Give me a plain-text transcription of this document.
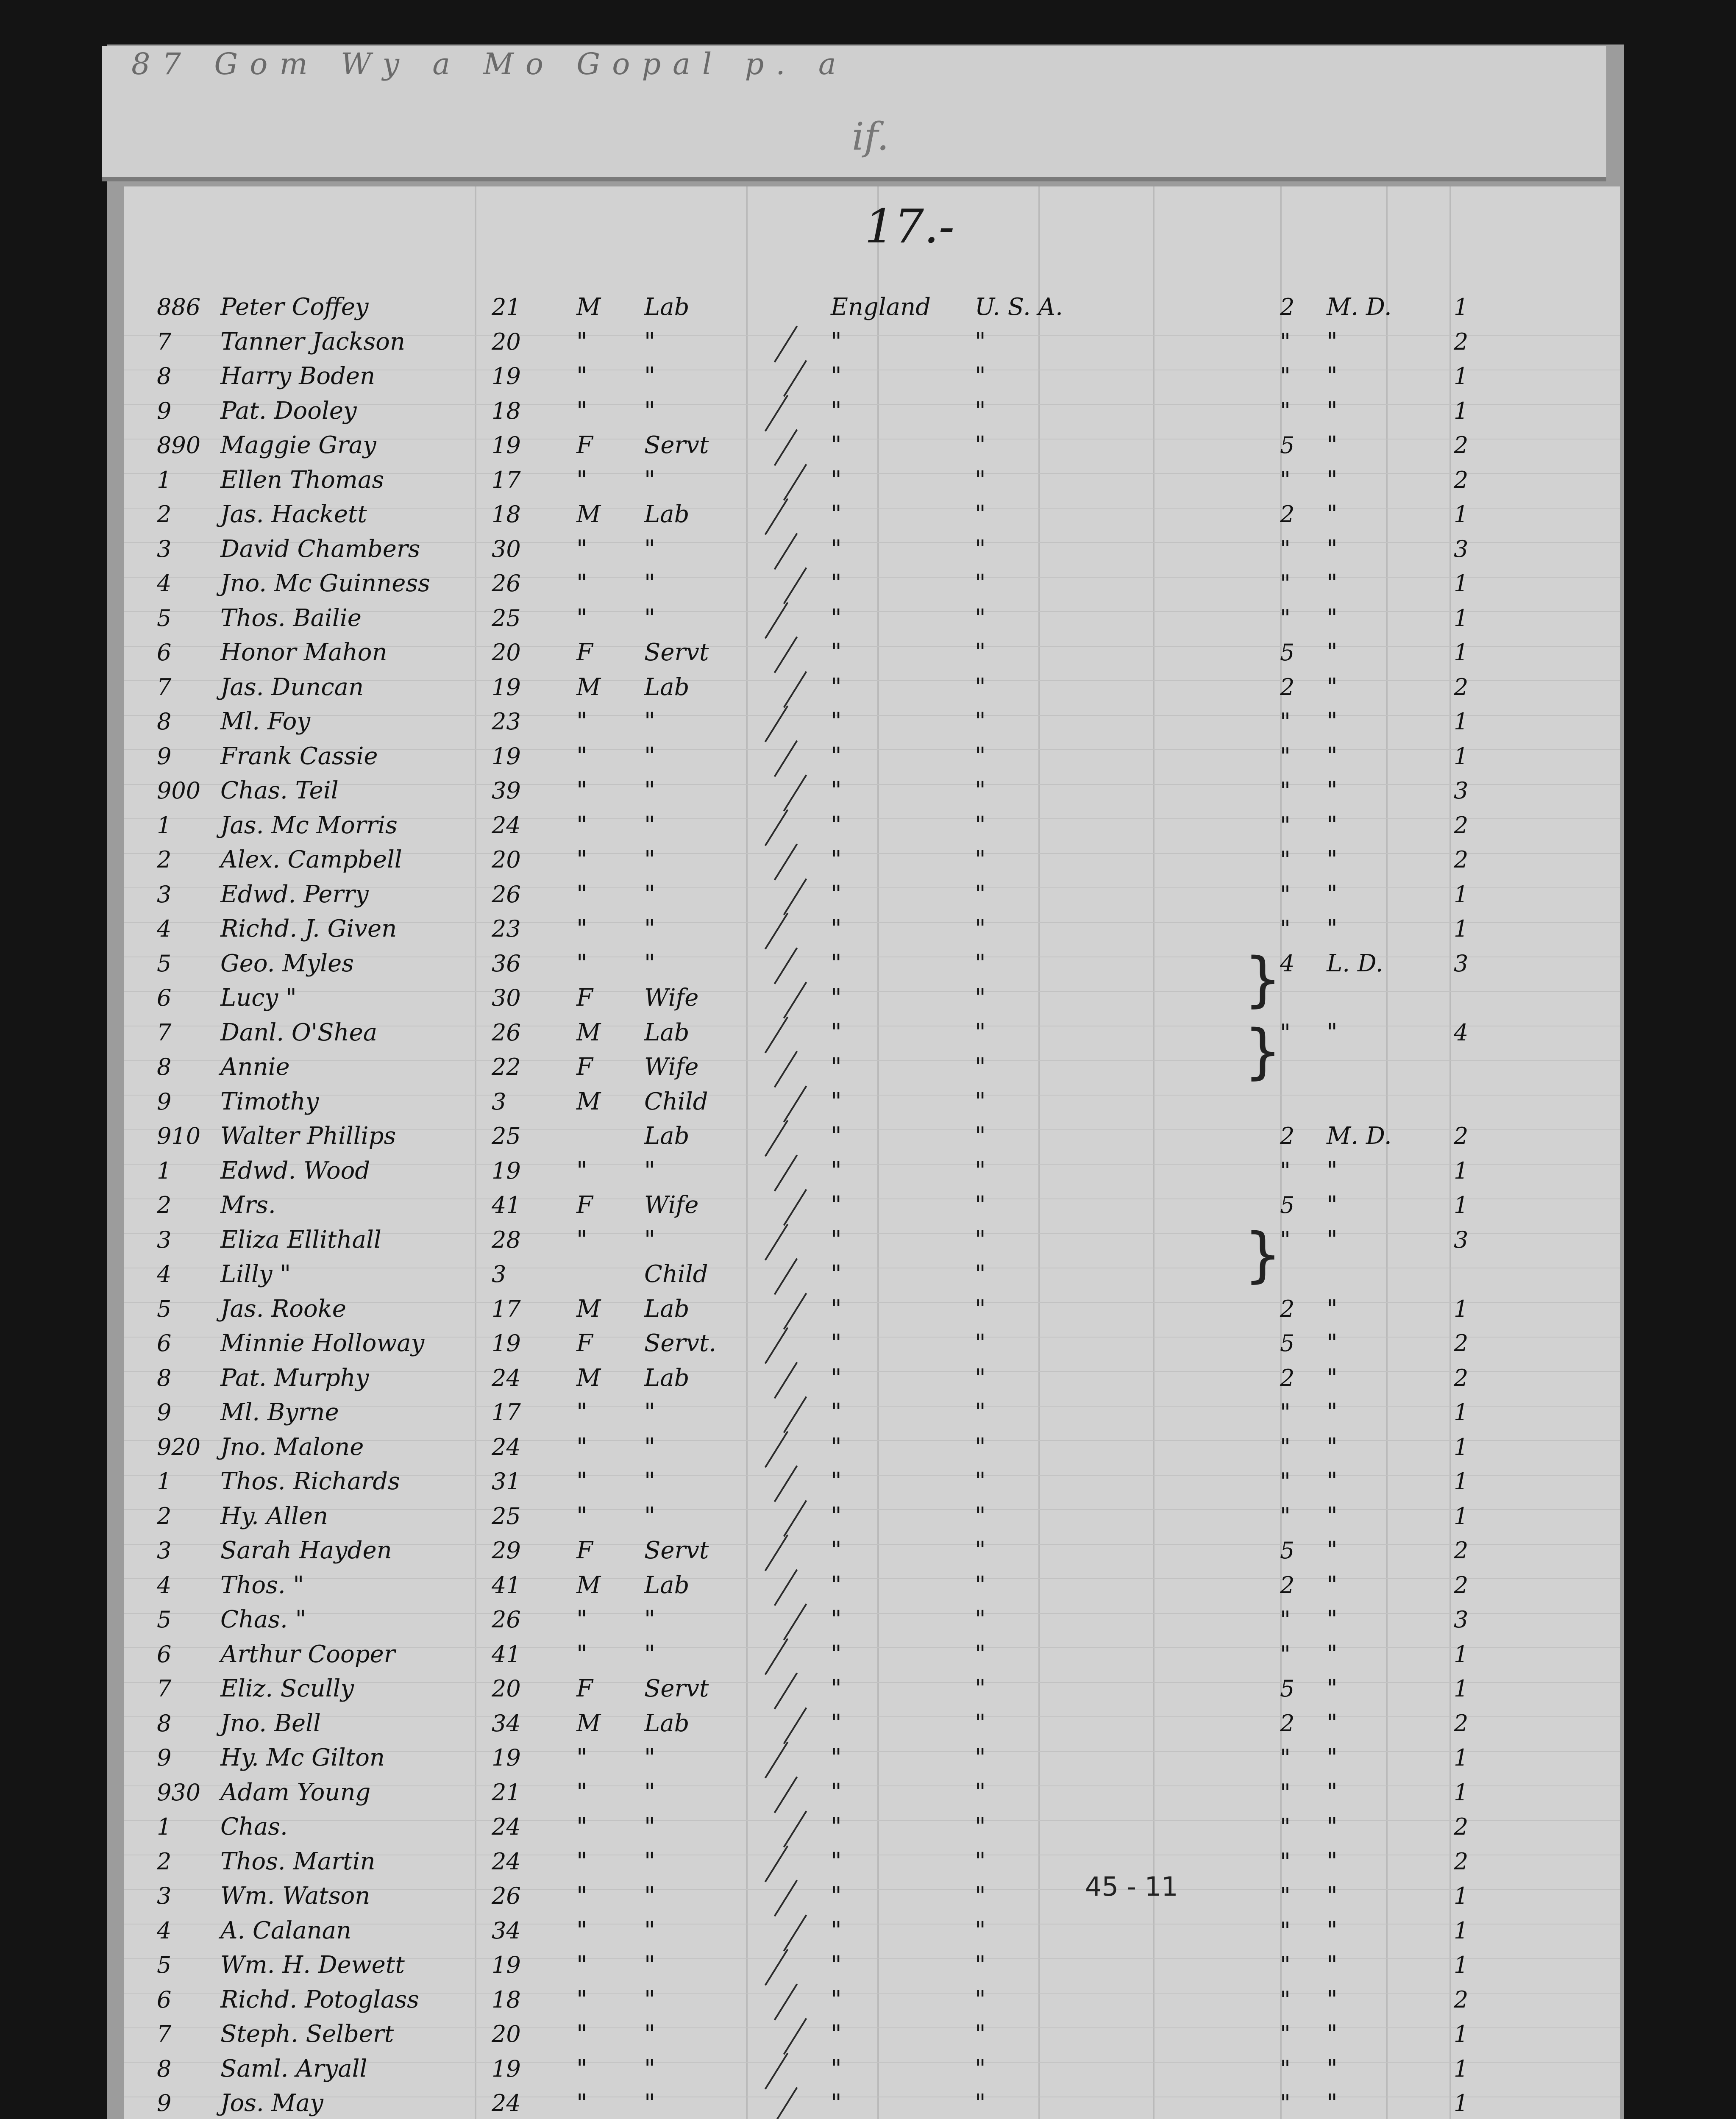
87 Gom Wy a Mo Gopal p. a
if.
17.-
886 Peter Coffey	21 M Lab	England U. S. A.	2 M. D.	1
7 Tanner Jackson	20 " "	"	"	" "	2
8 Harry Boden	19 " "	"	"	" "	1
9 Pat. Dooley	18 " "	"	"	" "	1
890 Maggie Gray	19 F Servt	"	"	5 "	2
1 Ellen Thomas	17 " "	"	"	" "	2
2 Jas. Hackett	18 M Lab	"	"	2 "	1
3 David Chambers	30 " "	"	"	" "	3
4 Jno. Mc Guinness	26 " "	"	"	" "	1
5 Thos. Bailie	25 " "	"	"	" "	1
6 Honor Mahon	20 F Servt	"	"	5 "	1
7 Jas. Duncan	19 M Lab	"	"	2 "	2
8 Ml. Foy	23 " "	"	"	" "	1
9 Frank Cassie	19 " "	"	"	" "	1
900 Chas. Teil	39 " "	"	"	" "	3
1 Jas. Mc Morris	24 " "	"	"	" "	2
2 Alex. Campbell	20 " "	"	"	" "	2
3 Edwd. Perry	26 " "	"	"	" "	1
4 Richd. J. Given	23 " "	"	"	" "	1
5 Geo. Myles	36 " "	"	"	4 L. D.	3
6 Lucy "	30 F Wife	"	"
7 Danl. O'Shea	26 M Lab	"	"	" "	4
8 Annie	22 F Wife	"	"
9 Timothy	3	M Child	"	"
910 Walter Phillips	25	Lab	"	"	2 M. D.	2
1 Edwd. Wood	19 " "	"	"	" "	1
2 Mrs.	41 F Wife	"	"	5 "	1
3 Eliza Ellithall	28 " "	"	"	" "	3
4 Lilly "	3	Child	"	"
5 Jas. Rooke	17 M Lab	"	"	2 "	1
6 Minnie Holloway	19 F Servt.	"	"	5 "	2
8 Pat. Murphy	24 M Lab	"	"	2 "	2
9 Ml. Byrne	17 " "	"	"	" "	1
920 Jno. Malone	24 " "	"	"	" "	1
1 Thos. Richards	31 " "	"	"	" "	1
2 Hy. Allen	25 " "	"	"	" "	1
3 Sarah Hayden	29 F Servt	"	"	5 "	2
4 Thos. "	41 M Lab	"	"	2 "	2
5 Chas. "	26 " "	"	"	" "	3
6 Arthur Cooper	41 " "	"	"	" "	1
7 Eliz. Scully	20 F Servt	"	"	5 "	1
8 Jno. Bell	34 M Lab	"	"	2 "	2
9 Hy. Mc Gilton	19 " "	"	"	" "	1
930 Adam Young	21 " "	"	"	" "	1
1 Chas.	24 " "	"	"	" "	2
2 Thos. Martin	24 " "	"	"	" "	2
3 Wm. Watson	26 " "	"	"	" "	1
4 A. Calanan	34 " "	"	"	" "	1
5 Wm. H. Dewett	19 " "	"	"	" "	1
6 Richd. Potoglass	18 " "	"	"	" "	2
7 Steph. Selbert	20 " "	"	"	" "	1
8 Saml. Aryall	19 " "	"	"	" "	1
9 Jos. May	24 " "	"	"	" "	1
}
}
}
45 - 11
